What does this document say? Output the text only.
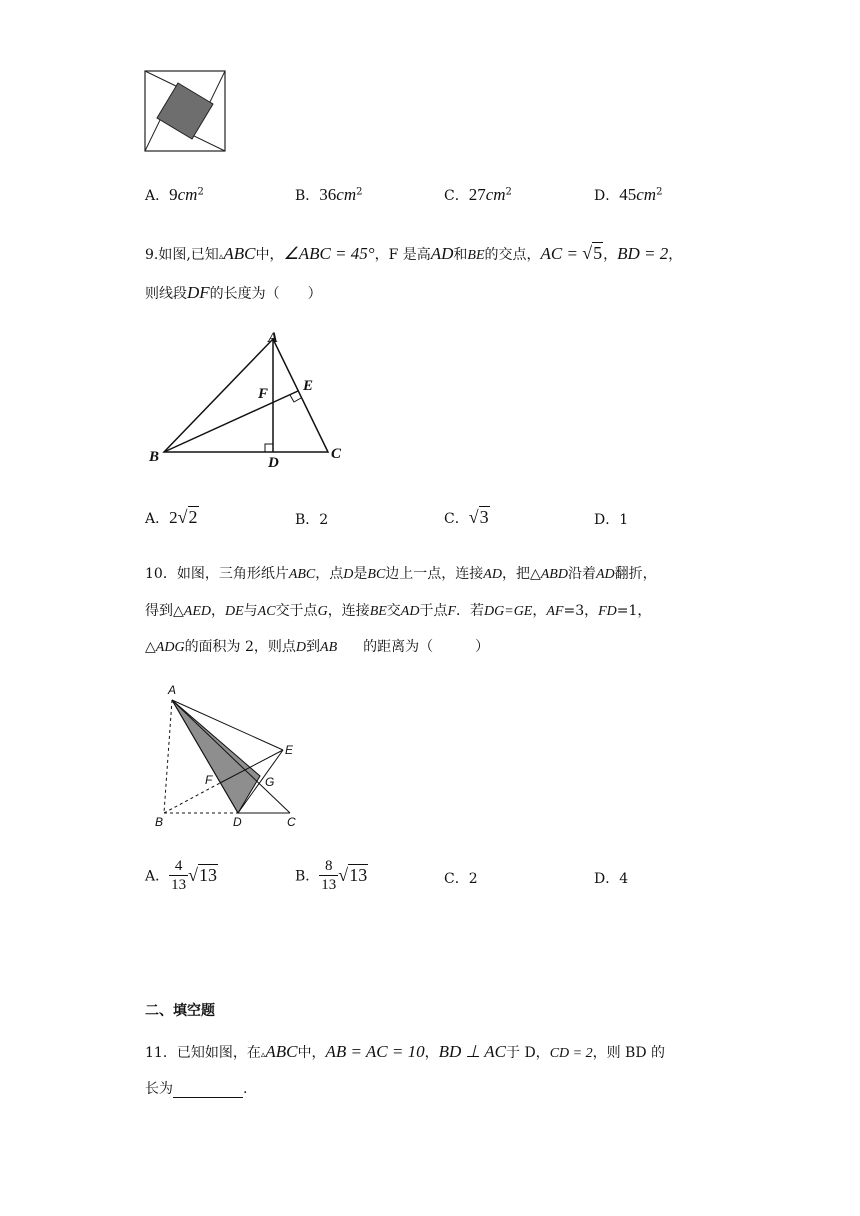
A．$9cm^2$	B．$36cm^2$	C．$27cm^2$	D．$45cm^2$
9.如图,已知▵ABC中，∠ABC = 45°，F 是高AD和BE的交点，AC = √5，BD = 2，
则线段DF的长度为（　　）
A
B	C
D
E
F
A．2√2	B．2	C．√3	D．1
10．如图，三角形纸片ABC，点D是BC边上一点，连接AD，把△ABD沿着AD翻折，
得到△AED，DE与AC交于点G，连接BE交AD于点F．若DG=GE，AF=3，FD=1，
△ADG的面积为 2，则点D到AB 的距离为（　　　）
A
B	C
D
E
F	G
A． $\frac{4}{13} √13$	B． $\frac{8}{13} √13$	C．2	D．4
二、填空题
11．已知如图，在▵ABC中，AB = AC = 10，BD ⊥ AC于 D，CD = 2，则 BD 的
长为	.
